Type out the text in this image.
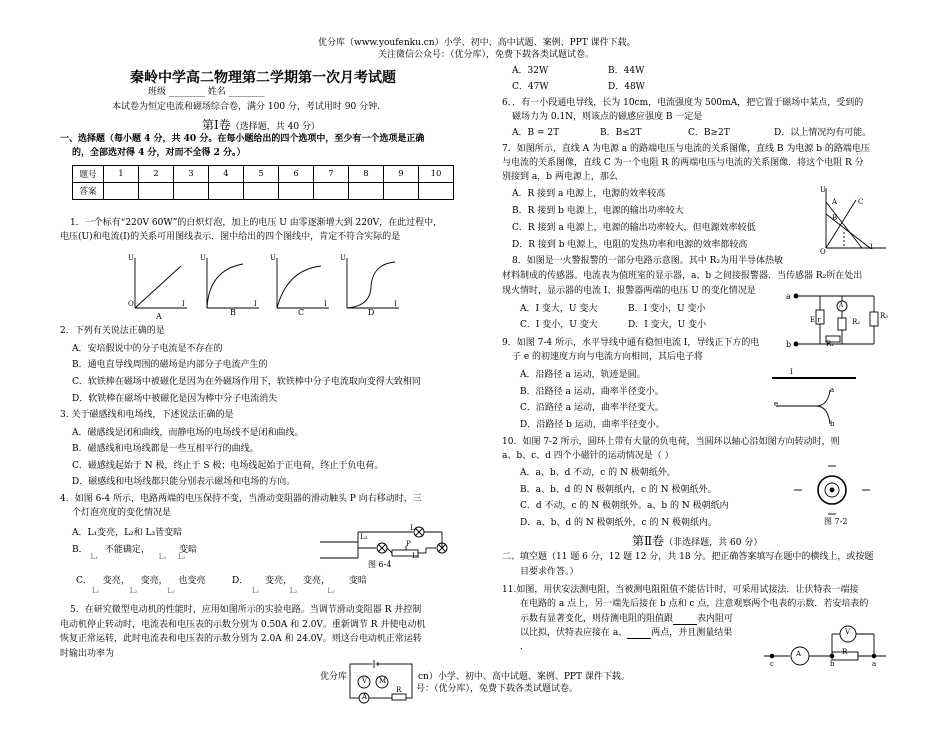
优分库（www.youfenku.cn）小学、初中、高中试题、案例、PPT 课件下载。
关注微信公众号：（优分库），免费下载各类试题试卷。
秦岭中学高二物理第二学期第一次月考试题
班级 ________ 姓名 ________
本试卷为恒定电流和磁场综合卷，满分 100 分，考试用时 90 分钟.
第Ⅰ卷（选择题，共 40 分）
一、选择题（每小题 4 分，共 40 分。在每小题给出的四个选项中，至少有一个选项是正确
的，全部选对得 4 分，对而不全得 2 分。）
题号	1	2	3	4	5	6	7	8	9	10
答案										
1．一个标有“220V 60W”的白炽灯泡，加上的电压 U 由零逐渐增大到 220V，在此过程中，
电压(U)和电流(I)的关系可用图线表示．图中给出的四个图线中，肯定不符合实际的是
U	U	U	U
O	I	I	I	I
A	B	C	D
2．下列有关说法正确的是
A．安培假说中的分子电流是不存在的
B．通电直导线周围的磁场是内部分子电流产生的
C．软铁棒在磁场中被磁化是因为在外磁场作用下，软铁棒中分子电流取向变得大致相同
D．软铁棒在磁场中被磁化是因为棒中分子电流消失
3. 关于磁感线和电场线，下述说法正确的是
A．磁感线是闭和曲线，而静电场的电场线不是闭和曲线。
B．磁感线和电场线都是一些互相平行的曲线。
C．磁感线起始于 N 极，终止于 S 极；电场线起始于正电荷，终止于负电荷。
D．磁感线和电场线都只能分别表示磁场和电场的方向。
4．如图 6-4 所示，电路两端的电压保持不变，当滑动变阻器的滑动触头 P 向右移动时，三
个灯泡亮度的变化情况是
A．L₁变亮，L₂和 L₃皆变暗
B． $_{L_1}$ 不能确定， $_{L_2}$ 变暗 $_{L_3}$
C． 变亮， 变亮， 也变亮
L₁	L₂	L₃
D． 变亮， 变亮， 变暗
L₁	L₂	L₃
L₁
L₃
L₂
P
图 6-4
5．在研究微型电动机的性能时，应用如图所示的实验电路。当调节滑动变阻器 R 并控制
电动机停止转动时，电流表和电压表的示数分别为 0.50A 和 2.0V。重新调节 R 并使电动机
恢复正常运转，此时电流表和电压表的示数分别为 2.0A 和 24.0V。则这台电动机正常运转
时输出功率为
V M
A
R
优分库	cn）小学、初中、高中试题、案例、PPT 课件下载。
号：（优分库），免费下载各类试题试卷。
A．32W	B．44W
C．47W	D．48W
6．．有一小段通电导线，长为 10cm，电流强度为 500mA，把它置于磁场中某点，受到的
磁场力为 0.1N，则该点的磁感应强度 B 一定是
A．B = 2T	B．B≤2T	C．B≥2T	D．以上情况均有可能。
7．如图所示，直线 A 为电源 a 的路端电压与电流的关系图像，直线 B 为电源 b 的路端电压
与电流的关系图像，直线 C 为一个电阻 R 的两端电压与电流的关系图像．将这个电阻 R 分
别接到 a，b 两电源上，那么
A．R 接到 a 电源上，电源的效率较高
B．R 接到 b 电源上，电源的输出功率较大
C．R 接到 a 电源上，电源的输出功率较大，但电源效率较低
D．R 接到 b 电源上，电阻的发热功率和电源的效率都较高
U
O
I
A
B
C
8．如图是一火警报警的一部分电路示意图。其中 R₂为用半导体热敏
材料制成的传感器。电流表为值班室的显示器，a、b 之间接报警器．当传感器 R₂所在处出
现火情时，显示器的电流 I、报警器两端的电压 U 的变化情况是
A．I 变大，U 变大	B．I 变小，U 变小
C．I 变小，U 变大	D．I 变大，U 变小
a
b
E r
R₁
R₂
R₃
A
9．如图 7-4 所示，水平导线中通有稳恒电流 I，导线正下方的电
子 e 的初速度方向与电流方向相同，其后电子将
A．沿路径 a 运动，轨迹是圆。
B．沿路径 a 运动，曲率半径变小。
C．沿路径 a 运动，曲率半径变大。
D．沿路径 b 运动，曲率半径变小。
I
e
a
b
10．如图 7-2 所示，圆环上带有大量的负电荷，当圆环以轴心沿如图方向转动时，则
a、b、c、d 四个小磁针的运动情况是（ ）
A．a、b、d 不动，c 的 N 极朝纸外。
B．a、b、d 的 N 极朝纸内，c 的 N 极朝纸外。
C．d 不动，c 的 N 极朝纸外。a、b 的 N 极朝纸内
D．a、b、d 的 N 极朝纸外，c 的 N 极朝纸内。	图 7-2
第Ⅱ卷（非选择题，共 60 分）
二、填空题（11 题 6 分，12 题 12 分，共 18 分。把正确答案填写在题中的横线上，或按题
目要求作答。）
11.如图，用伏安法测电阻，当被测电阻阻值不能估计时，可采用试接法．让伏特表一端接
在电路的 a 点上，另一端先后接在 b 点和 c 点，注意观察两个电表的示数．若安培表的
示数有显著变化，则待测电阻的阻值跟	表内阻可
以比拟，伏特表应接在 a、	两点，并且测量结果
．
A
V
R
c	b	a
